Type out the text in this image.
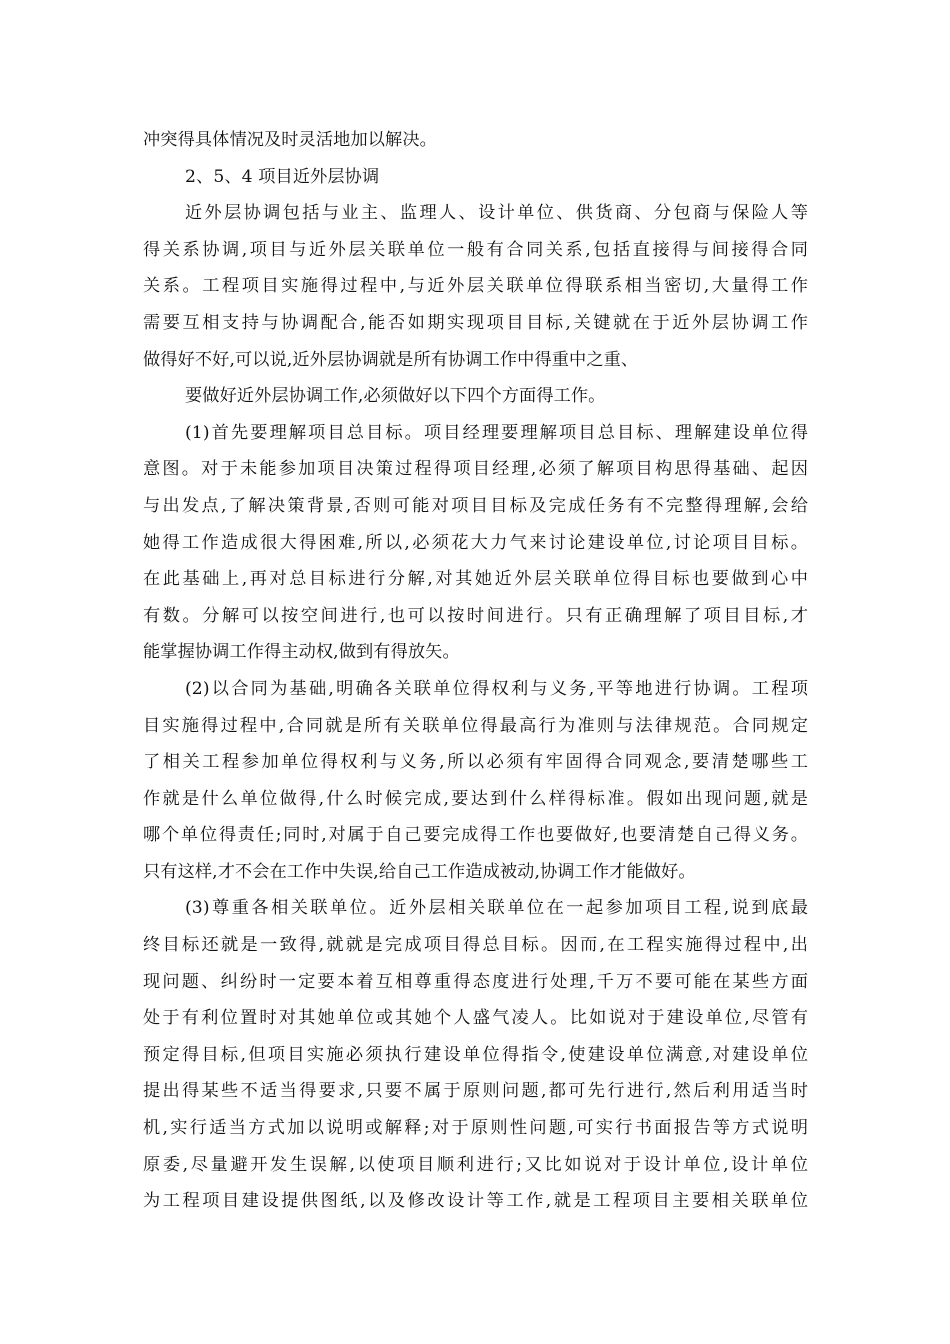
冲突得具体情况及时灵活地加以解决。
2、5、4 项目近外层协调
近外层协调包括与业主、监理人、设计单位、供货商、分包商与保险人等
得关系协调,项目与近外层关联单位一般有合同关系,包括直接得与间接得合同
关系。工程项目实施得过程中,与近外层关联单位得联系相当密切,大量得工作
需要互相支持与协调配合,能否如期实现项目目标,关键就在于近外层协调工作
做得好不好,可以说,近外层协调就是所有协调工作中得重中之重、
要做好近外层协调工作,必须做好以下四个方面得工作。
(1)首先要理解项目总目标。项目经理要理解项目总目标、理解建设单位得
意图。对于未能参加项目决策过程得项目经理,必须了解项目构思得基础、起因
与出发点,了解决策背景,否则可能对项目目标及完成任务有不完整得理解,会给
她得工作造成很大得困难,所以,必须花大力气来讨论建设单位,讨论项目目标。
在此基础上,再对总目标进行分解,对其她近外层关联单位得目标也要做到心中
有数。分解可以按空间进行,也可以按时间进行。只有正确理解了项目目标,才
能掌握协调工作得主动权,做到有得放矢。
(2)以合同为基础,明确各关联单位得权利与义务,平等地进行协调。工程项
目实施得过程中,合同就是所有关联单位得最高行为准则与法律规范。合同规定
了相关工程参加单位得权利与义务,所以必须有牢固得合同观念,要清楚哪些工
作就是什么单位做得,什么时候完成,要达到什么样得标准。假如出现问题,就是
哪个单位得责任;同时,对属于自己要完成得工作也要做好,也要清楚自己得义务。
只有这样,才不会在工作中失误,给自己工作造成被动,协调工作才能做好。
(3)尊重各相关联单位。近外层相关联单位在一起参加项目工程,说到底最
终目标还就是一致得,就就是完成项目得总目标。因而,在工程实施得过程中,出
现问题、纠纷时一定要本着互相尊重得态度进行处理,千万不要可能在某些方面
处于有利位置时对其她单位或其她个人盛气凌人。比如说对于建设单位,尽管有
预定得目标,但项目实施必须执行建设单位得指令,使建设单位满意,对建设单位
提出得某些不适当得要求,只要不属于原则问题,都可先行进行,然后利用适当时
机,实行适当方式加以说明或解释;对于原则性问题,可实行书面报告等方式说明
原委,尽量避开发生误解,以使项目顺利进行;又比如说对于设计单位,设计单位
为工程项目建设提供图纸,以及修改设计等工作,就是工程项目主要相关联单位
